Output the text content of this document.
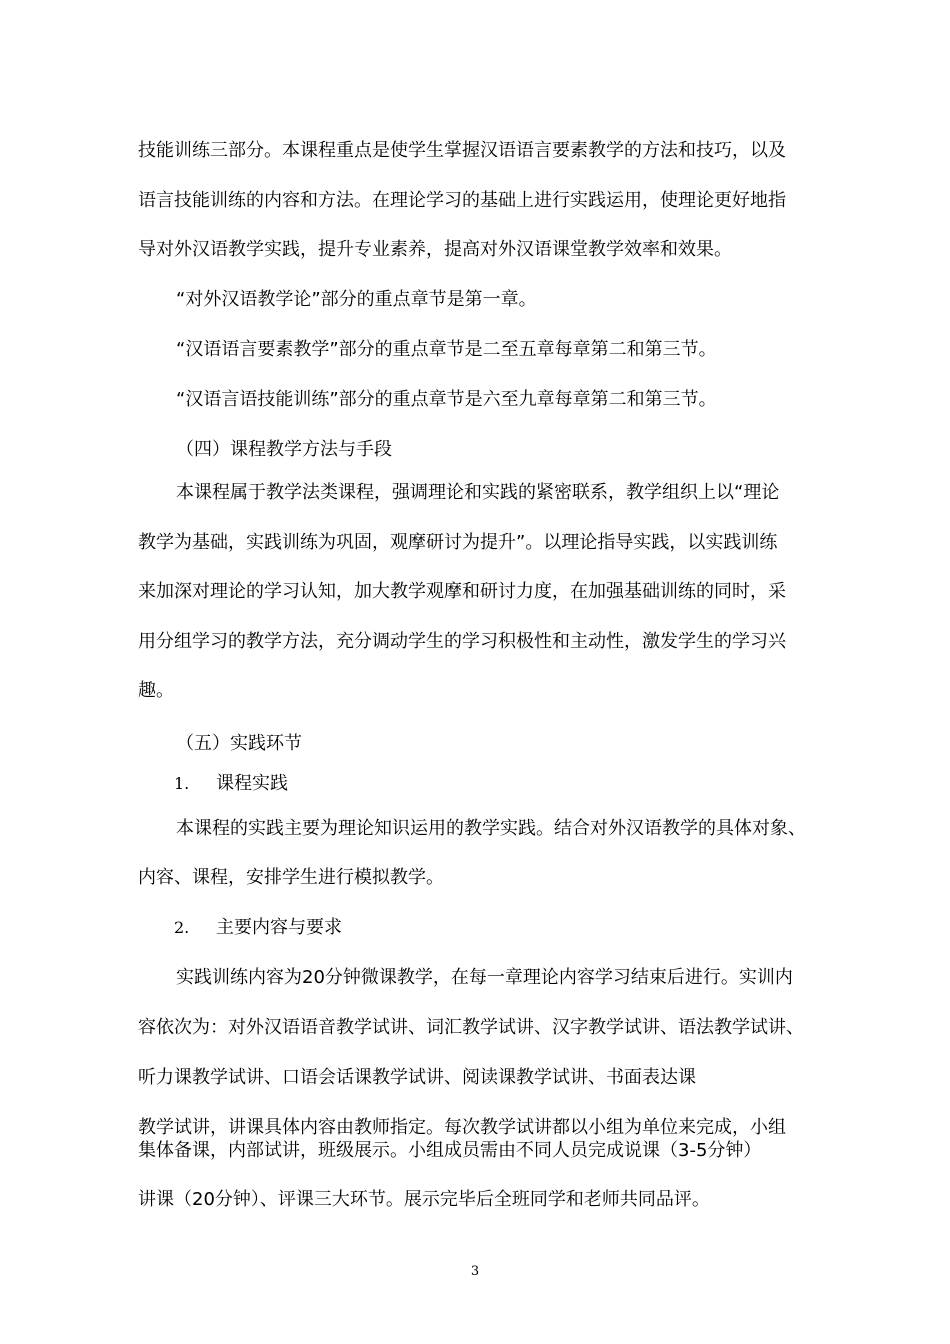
技能训练三部分。本课程重点是使学生掌握汉语语言要素教学的方法和技巧，以及
语言技能训练的内容和方法。在理论学习的基础上进行实践运用，使理论更好地指
导对外汉语教学实践，提升专业素养，提高对外汉语课堂教学效率和效果。
“对外汉语教学论”部分的重点章节是第一章。
“汉语语言要素教学”部分的重点章节是二至五章每章第二和第三节。
“汉语言语技能训练”部分的重点章节是六至九章每章第二和第三节。
（四）课程教学方法与手段
本课程属于教学法类课程，强调理论和实践的紧密联系，教学组织上以“理论
教学为基础，实践训练为巩固，观摩研讨为提升”。以理论指导实践，以实践训练
来加深对理论的学习认知，加大教学观摩和研讨力度，在加强基础训练的同时，采
用分组学习的教学方法，充分调动学生的学习积极性和主动性，激发学生的学习兴
趣。
（五）实践环节
1. 课程实践
本课程的实践主要为理论知识运用的教学实践。结合对外汉语教学的具体对象、
内容、课程，安排学生进行模拟教学。
2. 主要内容与要求
实践训练内容为20分钟微课教学，在每一章理论内容学习结束后进行。实训内
容依次为：对外汉语语音教学试讲、词汇教学试讲、汉字教学试讲、语法教学试讲、
听力课教学试讲、口语会话课教学试讲、阅读课教学试讲、书面表达课
教学试讲，讲课具体内容由教师指定。每次教学试讲都以小组为单位来完成，小组
集体备课，内部试讲，班级展示。小组成员需由不同人员完成说课（3-5分钟）
讲课（20分钟）、评课三大环节。展示完毕后全班同学和老师共同品评。
3
